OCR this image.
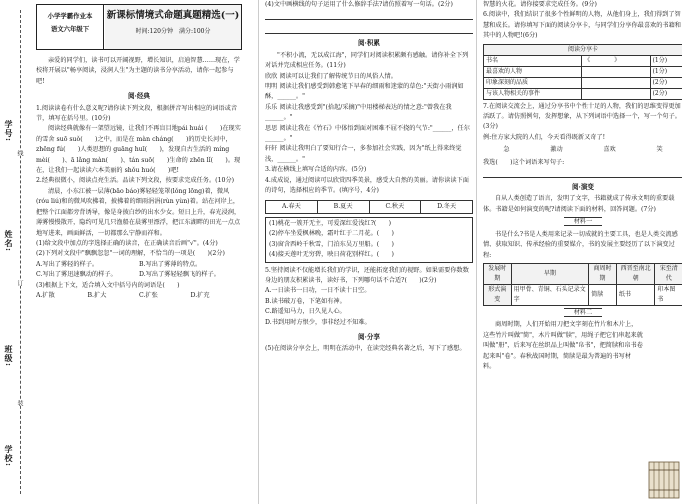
学号:
姓名:
班级:
学校:
线
订
装
小学学霸作业本
语文六年级下
新课标情境式命题真题精选(一)
时间:120分钟　满分:100分
亲爱的同学们，读书可以开阔视野，增长知识，启迪智慧……现在，学校将开展以"畅享阅读，浸润人生"为主题的读书分享活动，请你一起参与吧!
阅·经典

1.阅读读卷有什么意义呢?请你读下列文段，根据拼音写出相应的词语或音节，填写在括号里。(10分)

阅读经典就像有一架望远镜，让我们不再盲目地pái huái (　　)在现实的雪舍 suō suǒ(　　)之中，而是在 màn cháng(　　)的历史长河中，zhēng fú(　　)人类思想的 guāng huī(　　)，发现自古生活的 míng mèi(　　)、ā lǎng màn(　　)、tán suō(　　)生命的 zhēn lǐ(　　)。现在，让我们一起读读六本美丽的 shǒu huó(　　)吧!

2.经典很微小，阅读点亮生活。品读下列文段，按要求完成任务。(10分)

清晨，小东江被一层薄(bāo báo)雾轻轻笼罩(lǒng lōng)着，微风(róu liú)和的微风吹拂着，披拂着的细雨涓涓(rùn yùn)着。站在河岸上，把整个江面都旁背诱导，像是身披白纱的出水少女。短日上升，春光浸润，薄雾慢慢散开，隐约可见几只渔船在晨雾里漂浮，把江东湖畔的田光一点点地写进来，画面鲜活，一切都那么宁静而祥和。

(1)给文段中加点的字选择正确的读音，在正确读音后画"√"。(4分)

(2)下列对文段中"飘飘忽忽"一词的理解，不恰当的一项是(　　)(2分)

A.写出了雾轻的样子。	B.写出了雾薄的特点。
C.写出了雾迅速飘动的样子。	D.写出了雾轻轻飘飞的样子。

(3)根据上下文，适合填入文中括号内的词语是(　　)

A.扩散	B.扩大	C.扩张	D.扩充

(4)文中画横线的句子运用了什么修辞手法?请仿照着写一句话。(2分)

阅·积累

"不积小流，无以成江海"，同学们对阅读积累颇有感触。请你补全下列对话并完成相应任务。(11分)

欣欣 阅读可以让我们了解传统节日的风俗人情。

明明 阅读让我们感受到韩愈笔下早春的细雨和迷蒙的草色:"天街小雨润如酥，______。"

乐乐 阅读让我感受到"(拾起/采摘)"中用楼梯表达的情之意:"曾我在我______。"

思思 阅读让我在《竹石》中体悟到面对困难不屈不挠的气节:"______，任尔______。"

轩轩 阅读让我明白了要知行合一，多参加社会实践，因为"纸上得来终觉浅，______。"

3.请在横线上填写合适的内容。(5分)

4.成成说，通过阅读可以欣赏四季美景，感受大自然的美丽。请你读读下面的诗句，选择相应的季节。(填序号，4分)

A.春天	B.夏天	C.秋天	D.冬天
(1)桃花一簇开无主，可爱深红爱浅红?(　　)
(2)停车坐爱枫林晚，霜叶红于二月花。(　　)
(3)窗含西岭千秋雪，门泊东吴万里船。(　　)
(4)接天莲叶无穷碧，映日荷花别样红。(　　)

5.坚持阅读不仅能增长我们的学识，还能拓宽我们的视野。如果需要你数数身边的朋友积累读书，读好书，下列哪句话不合适?(　　)(2分)

A.一日读书一日功，一日不读十日空。

B.读书破万卷，下笔如有神。

C.路遥知马力，日久见人心。

D.书到用时方恨少，事非经过不知难。

阅·分享

(5)在阅读分享会上，明明在活动中，在读完经典名著之后，写下了感想。

智慧的火花。请你接要求完成任务。(9分)

6.阅读中，我们结识了很多个性鲜明的人物，从他们身上，我们得到了智慧和成长。请你填写下面的阅读分享卡，与同学们分享你最喜欢的书籍和其中的人物吧!(6分)

阅读分享卡		
书名	《　　　　》	(1分)
最喜欢的人物		(1分)
印象深刻的品质		(2分)
与该人物相关的事件		(2分)

7.在阅读交流会上，通过分享书中个性十足的人物，我们的思维变得更加活跃了。请仿照例句，发挥想象，从下列词语中选择一个，写一个句子。(3分)

例:住方家大院的人们，今天看得既新又奇了!

急	激动	喜欢	笑

我选(　　)这个词语来写句子:

阅·演变

自从人类创造了语言，发明了文字，书籍就成了传承文明的重要载体。书籍是如何演变的呢?请阅读下面的材料，回答问题。(7分)

材料一

书是什么?书是人类用来记录一切成就的主要工具，也是人类交流感情、获取知识、传承经验的重要媒介，书的发展主要经历了以下演变过程:

发展时期	早期	商周时期	西晋至南北朝	宋至清代
形式演变	用甲骨、青铜、石头记录文字	简牍	纸书	印本图书
材料二

商周时期，人们开始用刀把文字刻在竹片和木片上，这些竹片叫做"简"，木片叫做"牍"，用绳子把它们串起来就叫做"册"，后来写在丝织品上叫做"帛书"，把简牍和帛书卷起来叫"卷"。春秋战国时期，简牍是最为普遍的书写材料。
